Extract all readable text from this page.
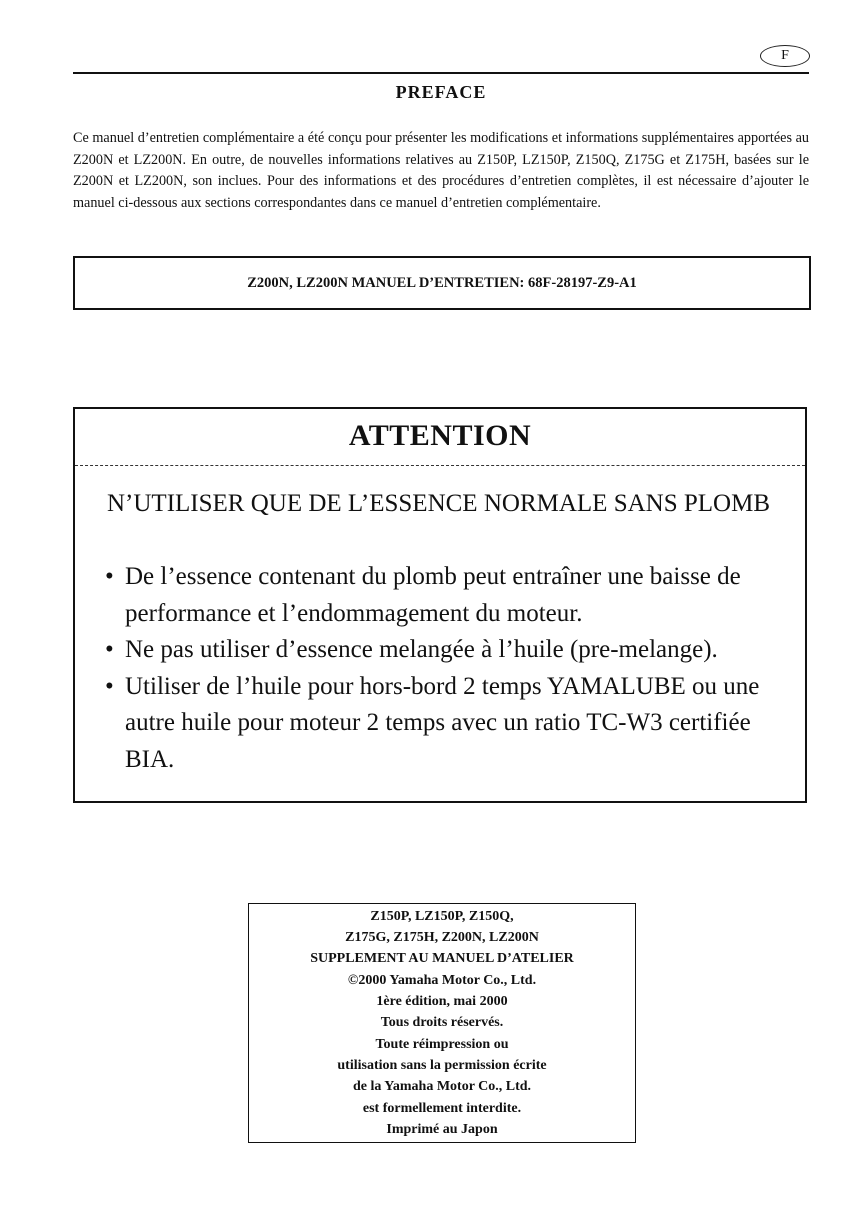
F
PREFACE

Ce manuel d’entretien complémentaire a été conçu pour présenter les modifications et informations supplémentaires apportées au Z200N et LZ200N. En outre, de nouvelles informations relatives au Z150P, LZ150P, Z150Q, Z175G et Z175H, basées sur le Z200N et LZ200N, son inclues. Pour des informations et des procédures d’entretien complètes, il est nécessaire d’ajouter le manuel ci-dessous aux sections correspondantes dans ce manuel d’entretien complémentaire.

Z200N, LZ200N MANUEL D’ENTRETIEN: 68F-28197-Z9-A1
ATTENTION

N’UTILISER QUE DE L’ESSENCE NORMALE SANS PLOMB

• De l’essence contenant du plomb peut entraîner une baisse de performance et l’endommagement du moteur.
• Ne pas utiliser d’essence melangée à l’huile (pre-melange).
• Utiliser de l’huile pour hors-bord 2 temps YAMALUBE ou une autre huile pour moteur 2 temps avec un ratio TC-W3 certifiée BIA.
Z150P, LZ150P, Z150Q,
Z175G, Z175H, Z200N, LZ200N
SUPPLEMENT AU MANUEL D’ATELIER
©2000 Yamaha Motor Co., Ltd.
1ère édition, mai 2000
Tous droits réservés.
Toute réimpression ou
utilisation sans la permission écrite
de la Yamaha Motor Co., Ltd.
est formellement interdite.
Imprimé au Japon
